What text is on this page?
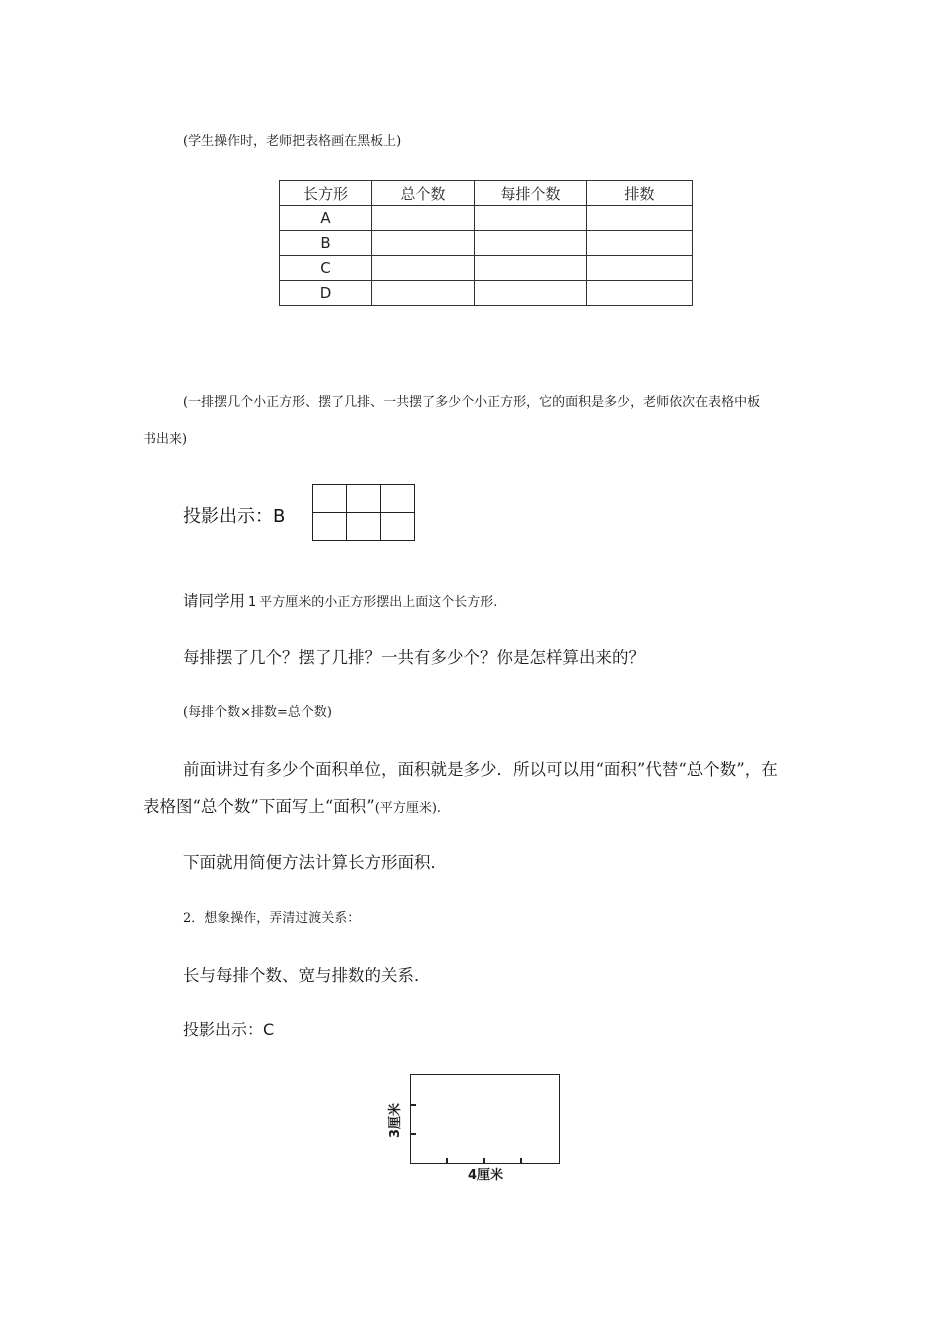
(学生操作时，老师把表格画在黑板上)
长方形	总个数	每排个数	排数
A			
B			
C			
D			
(一排摆几个小正方形、摆了几排、一共摆了多少个小正方形，它的面积是多少，老师依次在表格中板
书出来)
投影出示：B

请同学用 1 平方厘米的小正方形摆出上面这个长方形.
每排摆了几个？摆了几排？一共有多少个？你是怎样算出来的？
(每排个数×排数=总个数)
前面讲过有多少个面积单位，面积就是多少．所以可以用“面积”代替“总个数”，在
表格图“总个数”下面写上“面积”(平方厘米).
下面就用简便方法计算长方形面积．
2．想象操作，弄清过渡关系：
长与每排个数、宽与排数的关系．
投影出示：C
3厘米
4厘米
